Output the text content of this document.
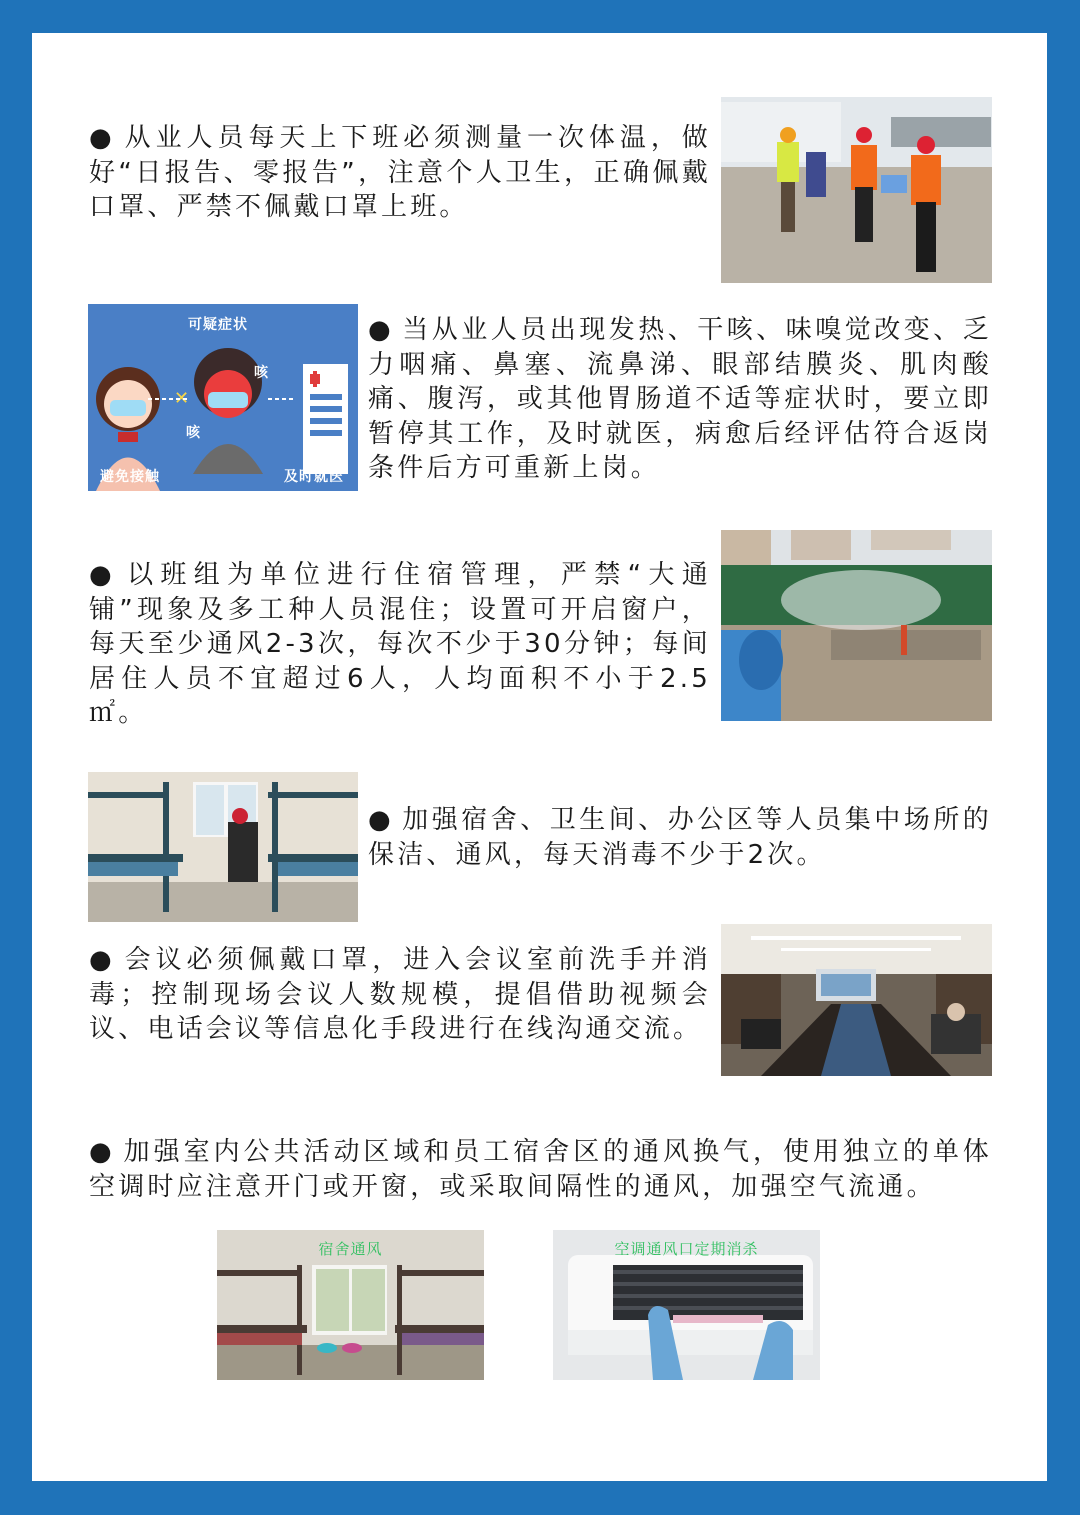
● 从业人员每天上下班必须测量一次体温，做好“日报告、零报告”，注意个人卫生，正确佩戴口罩、严禁不佩戴口罩上班。
✕
可疑症状
咳
咳
避免接触	及时就医
● 当从业人员出现发热、干咳、味嗅觉改变、乏力咽痛、鼻塞、流鼻涕、眼部结膜炎、肌肉酸痛、腹泻，或其他胃肠道不适等症状时，要立即暂停其工作，及时就医，病愈后经评估符合返岗条件后方可重新上岗。
● 以班组为单位进行住宿管理，严禁“大通铺”现象及多工种人员混住；设置可开启窗户，每天至少通风2-3次，每次不少于30分钟；每间居住人员不宜超过6人，人均面积不小于2.5㎡。
● 加强宿舍、卫生间、办公区等人员集中场所的保洁、通风，每天消毒不少于2次。
● 会议必须佩戴口罩，进入会议室前洗手并消毒；控制现场会议人数规模，提倡借助视频会议、电话会议等信息化手段进行在线沟通交流。
● 加强室内公共活动区域和员工宿舍区的通风换气，使用独立的单体空调时应注意开门或开窗，或采取间隔性的通风，加强空气流通。
宿舍通风	空调通风口定期消杀
